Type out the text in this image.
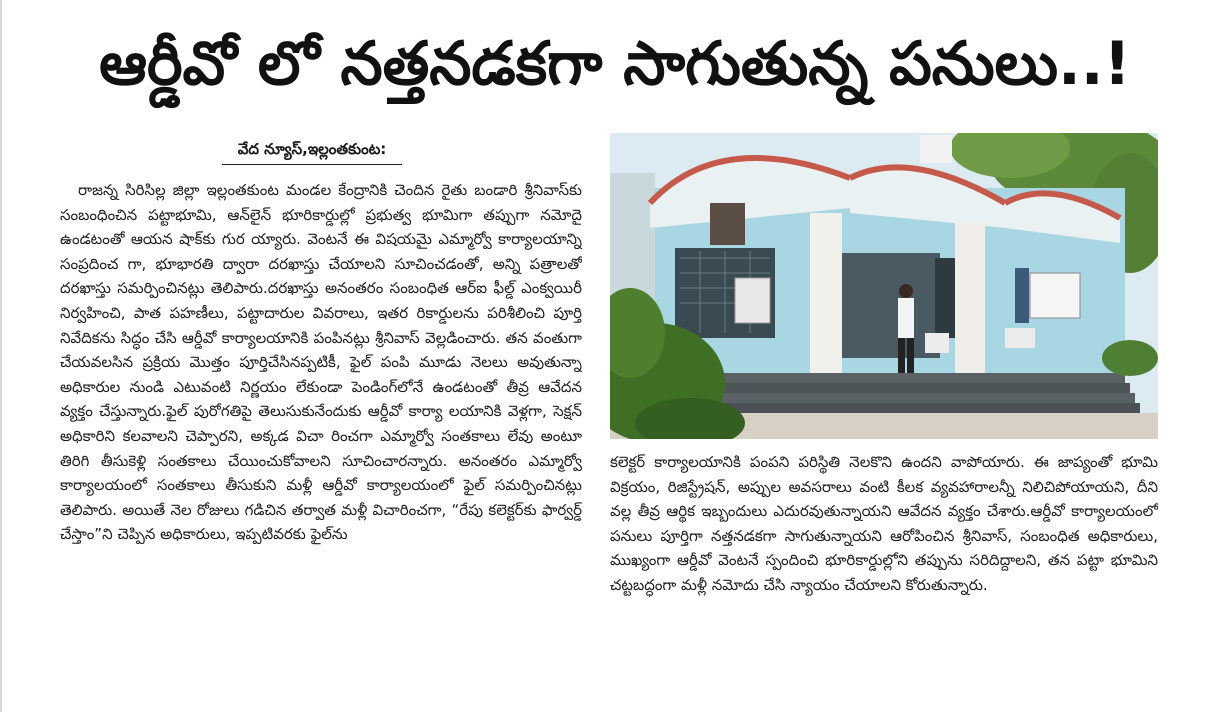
ఆర్డీవో లో నత్తనడకగా సాగుతున్న పనులు..!
వేద న్యూస్,ఇల్లంతకుంట:

రాజన్న సిరిసిల్ల జిల్లా ఇల్లంతకుంట మండల కేంద్రానికి చెందిన రైతు బండారి శ్రీనివాస్‌కు సంబంధించిన పట్టాభూమి, ఆన్‌లైన్ భూరికార్డుల్లో ప్రభుత్వ భూమిగా తప్పుగా నమోదై ఉండటంతో ఆయన షాక్‌కు గుర య్యారు. వెంటనే ఈ విషయమై ఎమ్మార్వో కార్యాలయాన్ని సంప్రదించ గా, భూభారతి ద్వారా దరఖాస్తు చేయాలని సూచించడంతో, అన్ని పత్రాలతో దరఖాస్తు సమర్పించినట్లు తెలిపారు.దరఖాస్తు అనంతరం సంబంధిత ఆర్ఐ ఫీల్డ్ ఎంక్వయిరీ నిర్వహించి, పాత పహణీలు, పట్టాదారుల వివరాలు, ఇతర రికార్డులను పరిశీలించి పూర్తి నివేదికను సిద్ధం చేసి ఆర్డీవో కార్యాలయానికి పంపినట్లు శ్రీనివాస్ వెల్లడించారు. తన వంతుగా చేయవలసిన ప్రక్రియ మొత్తం పూర్తిచేసినప్పటికీ, ఫైల్ పంపి మూడు నెలలు అవుతున్నా అధికారుల నుండి ఎటువంటి నిర్ణయం లేకుండా పెండింగ్‌లోనే ఉండటంతో తీవ్ర ఆవేదన వ్యక్తం చేస్తున్నారు.ఫైల్ పురోగతిపై తెలుసుకునేందుకు ఆర్డీవో కార్యా లయానికి వెళ్లగా, సెక్షన్ అధికారిని కలవాలని చెప్పారని, అక్కడ విచా రించగా ఎమ్మార్వో సంతకాలు లేవు అంటూ తిరిగి తీసుకెళ్లి సంతకాలు చేయించుకోవాలని సూచించారన్నారు. అనంతరం ఎమ్మార్వో కార్యాలయంలో సంతకాలు తీసుకుని మళ్లీ ఆర్డీవో కార్యాలయంలో ఫైల్ సమర్పించినట్లు తెలిపారు. అయితే నెల రోజులు గడిచిన తర్వాత మళ్లీ విచారించగా, “రేపు కలెక్టర్‌కు ఫార్వర్డ్ చేస్తాం”ని చెప్పిన అధికారులు, ఇప్పటివరకు ఫైల్‌ను

కలెక్టర్ కార్యాలయానికి పంపని పరిస్థితి నెలకొని ఉందని వాపోయారు. ఈ జాప్యంతో భూమి విక్రయం, రిజిస్ట్రేషన్, అప్పుల అవసరాలు వంటి కీలక వ్యవహారాలన్నీ నిలిచిపోయాయని, దీని వల్ల తీవ్ర ఆర్థిక ఇబ్బందులు ఎదురవుతున్నాయని ఆవేదన వ్యక్తం చేశారు.ఆర్డీవో కార్యాలయంలో పనులు పూర్తిగా నత్తనడకగా సాగుతున్నాయని ఆరోపించిన శ్రీనివాస్, సంబంధిత అధికారులు, ముఖ్యంగా ఆర్డీవో వెంటనే స్పందించి భూరికార్డుల్లోని తప్పును సరిదిద్దాలని, తన పట్టా భూమిని చట్టబద్ధంగా మళ్లీ నమోదు చేసి న్యాయం చేయాలని కోరుతున్నారు.
